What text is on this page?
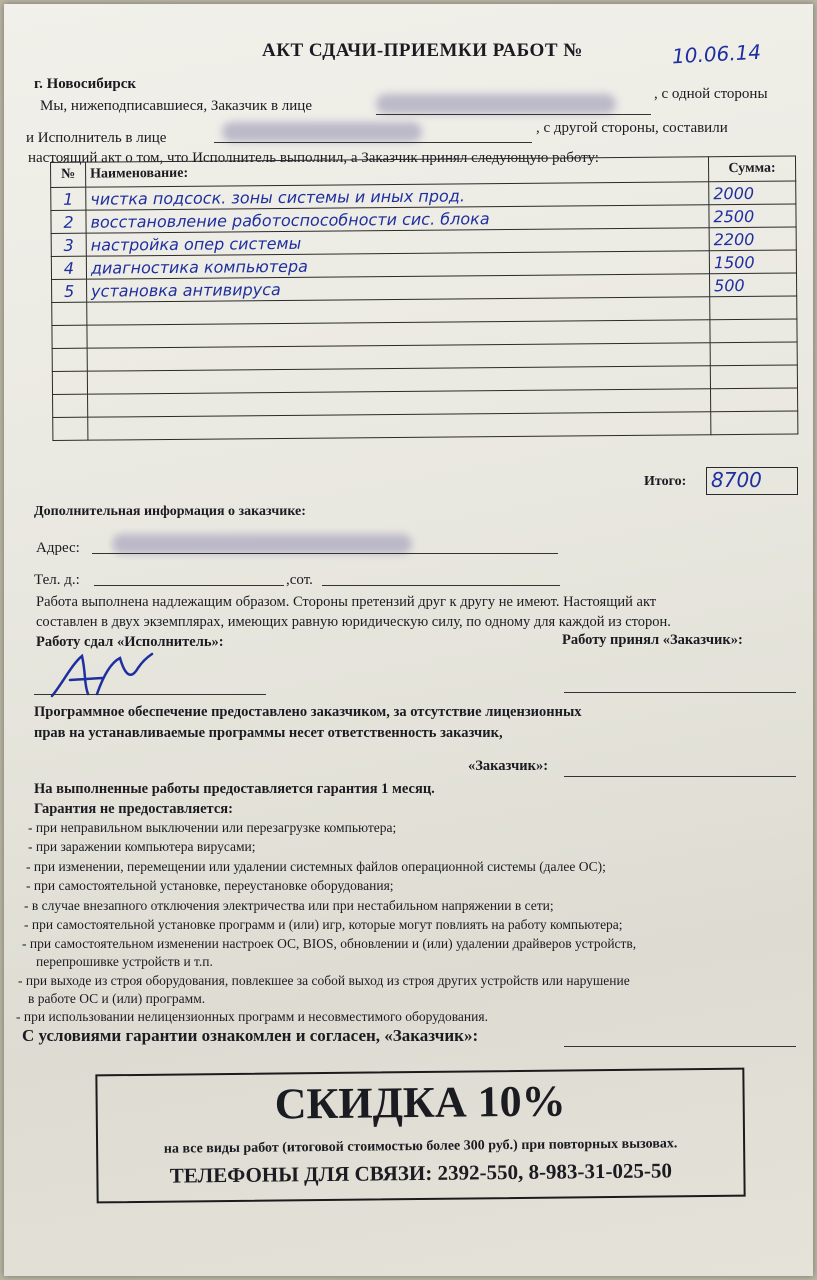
АКТ СДАЧИ-ПРИЕМКИ РАБОТ №	10.06.14
г. Новосибирск
Мы, нижеподписавшиеся, Заказчик в лице
, с одной стороны
и Исполнитель в лице
, с другой стороны, составили
настоящий акт о том, что Исполнитель выполнил, а Заказчик принял следующую работу:
№	Наименование:	Сумма:
1	чистка подсоск. зоны системы и иных прод.	2000
2	восстановление работоспособности сис. блока	2500
3	настройка опер системы	2200
4	диагностика компьютера	1500
5	установка антивируса	500

Итого: 8700
Дополнительная информация о заказчике:
Адрес:
Тел. д.:	,сот.
Работа выполнена надлежащим образом. Стороны претензий друг к другу не имеют. Настоящий акт
составлен в двух экземплярах, имеющих равную юридическую силу, по одному для каждой из сторон.
Работу сдал «Исполнитель»:	Работу принял «Заказчик»:
Программное обеспечение предоставлено заказчиком, за отсутствие лицензионных
прав на устанавливаемые программы несет ответственность заказчик,
«Заказчик»:
На выполненные работы предоставляется гарантия 1 месяц.
Гарантия не предоставляется:
- при неправильном выключении или перезагрузке компьютера;
- при заражении компьютера вирусами;
- при изменении, перемещении или удалении системных файлов операционной системы (далее ОС);
- при самостоятельной установке, переустановке оборудования;
- в случае внезапного отключения электричества или при нестабильном напряжении в сети;
- при самостоятельной установке программ и (или) игр, которые могут повлиять на работу компьютера;
- при самостоятельном изменении настроек ОС, BIOS, обновлении и (или) удалении драйверов устройств,
перепрошивке устройств и т.п.
- при выходе из строя оборудования, повлекшее за собой выход из строя других устройств или нарушение
в работе ОС и (или) программ.
- при использовании нелицензионных программ и несовместимого оборудования.
С условиями гарантии ознакомлен и согласен, «Заказчик»:
СКИДКА 10%
на все виды работ (итоговой стоимостью более 300 руб.) при повторных вызовах.
ТЕЛЕФОНЫ ДЛЯ СВЯЗИ: 2392-550, 8-983-31-025-50
